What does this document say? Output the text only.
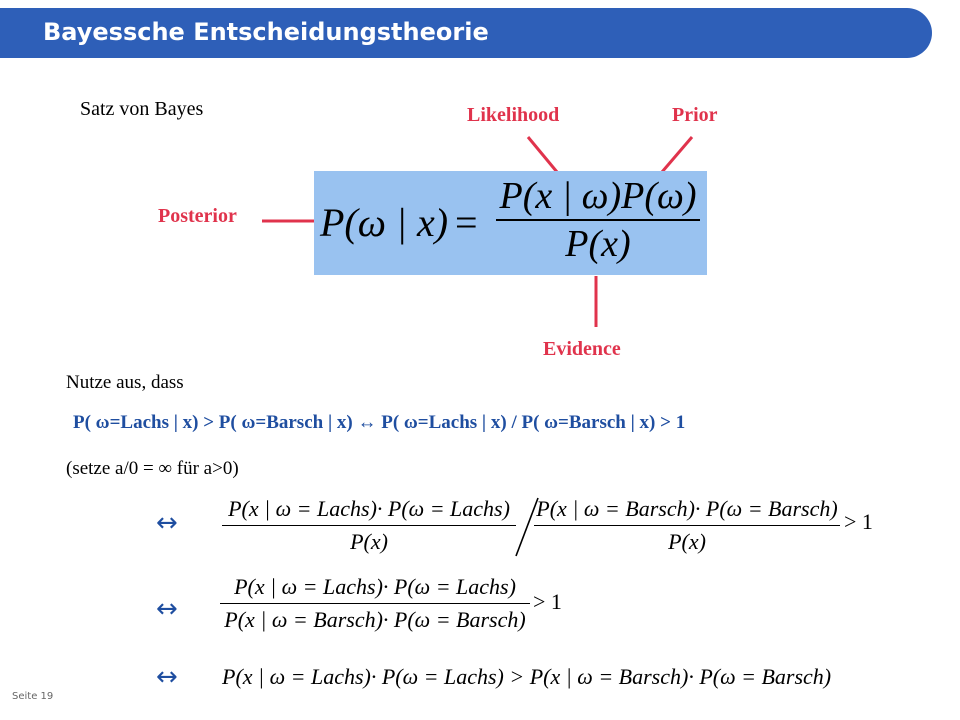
Bayessche Entscheidungstheorie
Satz von Bayes	Likelihood	Prior
Posterior
Evidence
P(ω | x) =
P(x | ω)P(ω)
P(x)
Nutze aus, dass
P( ω=Lachs | x) > P( ω=Barsch | x) ↔ P( ω=Lachs | x) / P( ω=Barsch | x) > 1
(setze a/0 = ∞ für a>0)
↔ P(x | ω = Lachs)· P(ω = Lachs)
P(x)
P(x | ω = Barsch)· P(ω = Barsch)
P(x)
> 1
↔
P(x | ω = Lachs)· P(ω = Lachs)
P(x | ω = Barsch)· P(ω = Barsch)
> 1
↔ P(x | ω = Lachs)· P(ω = Lachs) > P(x | ω = Barsch)· P(ω = Barsch)
Seite 19
